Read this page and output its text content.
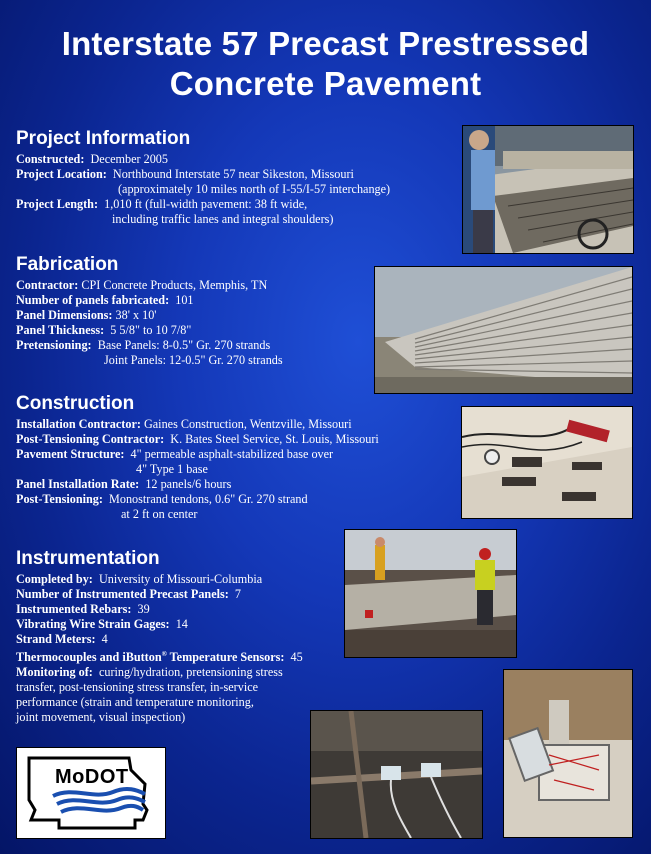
Interstate 57 Precast Prestressed
Concrete Pavement
Project Information
Constructed: December 2005
Project Location: Northbound Interstate 57 near Sikeston, Missouri
(approximately 10 miles north of I-55/I-57 interchange)
Project Length: 1,010 ft (full-width pavement: 38 ft wide,
including traffic lanes and integral shoulders)
Fabrication
Contractor: CPI Concrete Products, Memphis, TN
Number of panels fabricated: 101
Panel Dimensions: 38' x 10'
Panel Thickness: 5 5/8" to 10 7/8"
Pretensioning: Base Panels: 8-0.5" Gr. 270 strands
Joint Panels: 12-0.5" Gr. 270 strands
Construction
Installation Contractor: Gaines Construction, Wentzville, Missouri
Post-Tensioning Contractor: K. Bates Steel Service, St. Louis, Missouri
Pavement Structure: 4" permeable asphalt-stabilized base over
4" Type 1 base
Panel Installation Rate: 12 panels/6 hours
Post-Tensioning: Monostrand tendons, 0.6" Gr. 270 strand
at 2 ft on center
Instrumentation
Completed by: University of Missouri-Columbia
Number of Instrumented Precast Panels: 7
Instrumented Rebars: 39
Vibrating Wire Strain Gages: 14
Strand Meters: 4
Thermocouples and iButton® Temperature Sensors: 45
Monitoring of: curing/hydration, pretensioning stress
transfer, post-tensioning stress transfer, in-service
performance (strain and temperature monitoring,
joint movement, visual inspection)
MoDOT
